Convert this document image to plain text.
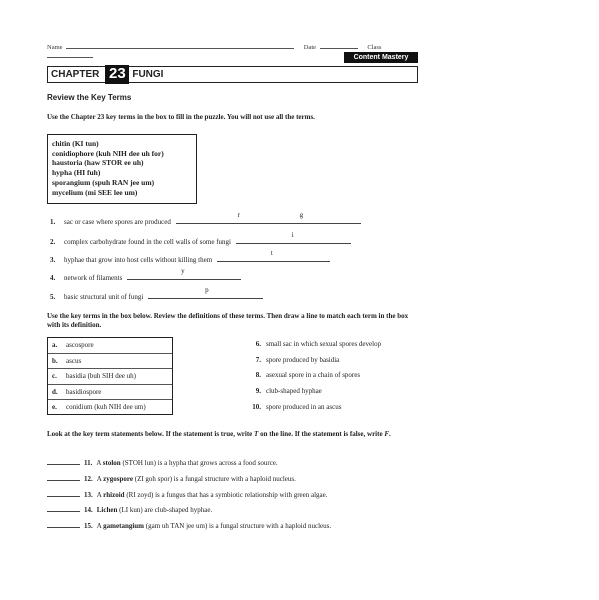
Name	Date	Class
Content Mastery
CHAPTER 23 FUNGI
Review the Key Terms
Use the Chapter 23 key terms in the box to fill in the puzzle. You will not use all the terms.
chitin (KI tun)
conidiophore (kuh NIH dee uh for)
haustoria (haw STOR ee uh)
hypha (HI fuh)
sporangium (spuh RAN jee um)
mycelium (mi SEE lee um)
1. sac or case where spores are produced
r	g
2. complex carbohydrate found in the cell walls of some fungi
i
3. hyphae that grow into host cells without killing them
t
4. network of filaments
y
5. basic structural unit of fungi
p
Use the key terms in the box below. Review the definitions of these terms. Then draw a line to match each term in the box with its definition.
a. ascospore
b. ascus
c. basidia (buh SIH dee uh)
d. basidiospore
e. conidium (kuh NIH dee um)
6. small sac in which sexual spores develop
7. spore produced by basidia
8. asexual spore in a chain of spores
9. club-shaped hyphae
10. spore produced in an ascus
Look at the key term statements below. If the statement is true, write T on the line. If the statement is false, write F.
11. A stolon (STOH lun) is a hypha that grows across a food source.
12. A zygospore (ZI goh spor) is a fungal structure with a haploid nucleus.
13. A rhizoid (RI zoyd) is a fungus that has a symbiotic relationship with green algae.
14. Lichen (LI kun) are club-shaped hyphae.
15. A gametangium (gam uh TAN jee um) is a fungal structure with a haploid nucleus.
